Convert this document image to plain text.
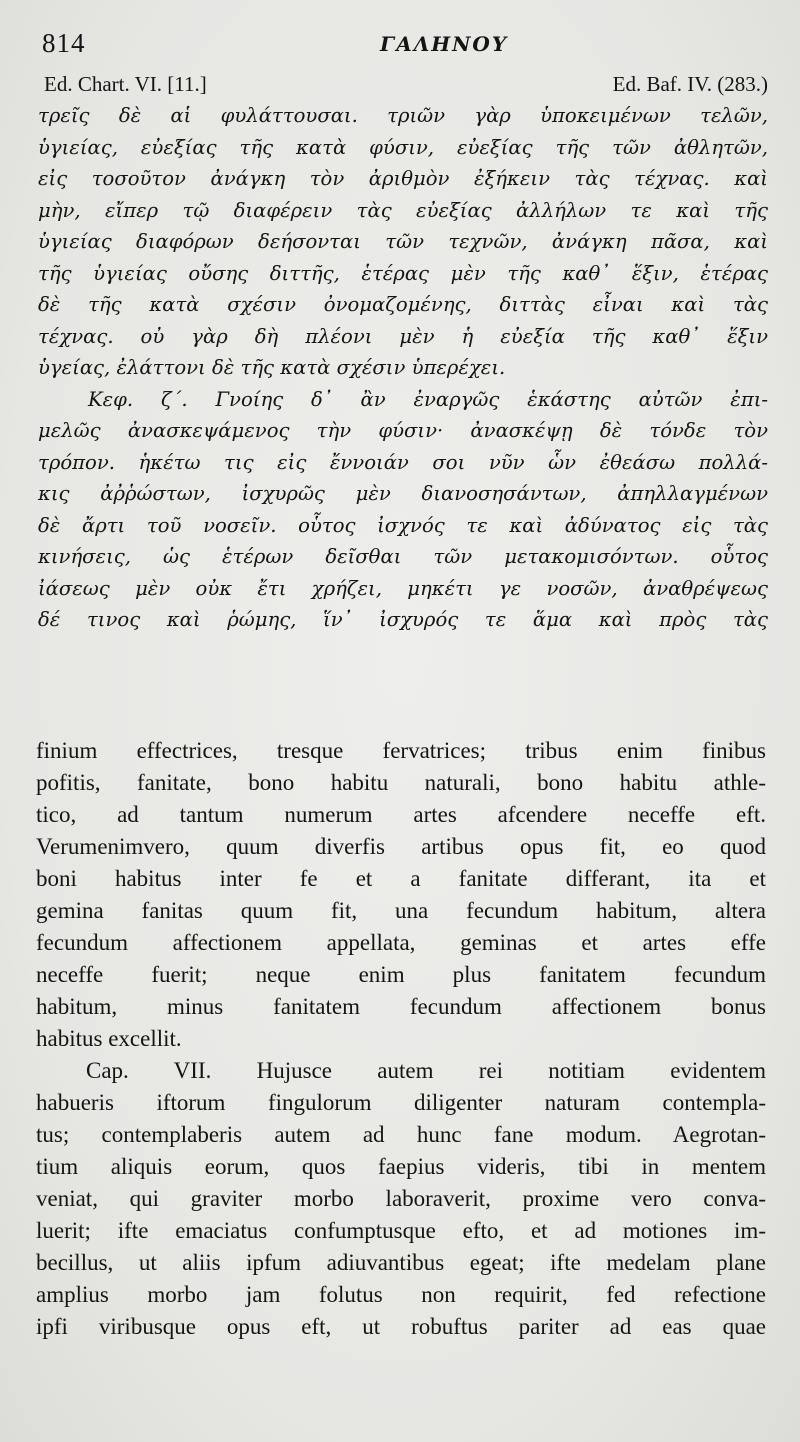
814	ΓΑΛΗΝΟΥ
Ed. Chart. VI. [11.]	Ed. Baf. IV. (283.)
τρεῖς δὲ αἱ φυλάττουσαι. τριῶν γὰρ ὑποκειμένων τελῶν,
ὑγιείας, εὐεξίας τῆς κατὰ φύσιν, εὐεξίας τῆς τῶν ἀθλητῶν,
εἰς τοσοῦτον ἀνάγκη τὸν ἀριθμὸν ἐξήκειν τὰς τέχνας. καὶ
μὴν, εἴπερ τῷ διαφέρειν τὰς εὐεξίας ἀλλήλων τε καὶ τῆς
ὑγιείας διαφόρων δεήσονται τῶν τεχνῶν, ἀνάγκη πᾶσα, καὶ
τῆς ὑγιείας οὔσης διττῆς, ἑτέρας μὲν τῆς καθ᾿ ἕξιν, ἑτέρας
δὲ τῆς κατὰ σχέσιν ὀνομαζομένης, διττὰς εἶναι καὶ τὰς
τέχνας. οὐ γὰρ δὴ πλέονι μὲν ἡ εὐεξία τῆς καθ᾿ ἕξιν
ὑγείας, ἐλάττονι δὲ τῆς κατὰ σχέσιν ὑπερέχει.
Κεφ. ζ΄. Γνοίης δ᾿ ἂν ἐναργῶς ἑκάστης αὐτῶν ἐπι-
μελῶς ἀνασκεψάμενος τὴν φύσιν· ἀνασκέψῃ δὲ τόνδε τὸν
τρόπον. ἡκέτω τις εἰς ἔννοιάν σοι νῦν ὧν ἐθεάσω πολλά-
κις ἀῤῥώστων, ἰσχυρῶς μὲν διανοσησάντων, ἀπηλλαγμένων
δὲ ἄρτι τοῦ νοσεῖν. οὗτος ἰσχνός τε καὶ ἀδύνατος εἰς τὰς
κινήσεις, ὡς ἑτέρων δεῖσθαι τῶν μετακομισόντων. οὗτος
ἰάσεως μὲν οὐκ ἔτι χρήζει, μηκέτι γε νοσῶν, ἀναθρέψεως
δέ τινος καὶ ῥώμης, ἵν᾿ ἰσχυρός τε ἅμα καὶ πρὸς τὰς
finium effectrices, tresque fervatrices; tribus enim finibus
pofitis, fanitate, bono habitu naturali, bono habitu athle-
tico, ad tantum numerum artes afcendere neceffe eft.
Verumenimvero, quum diverfis artibus opus fit, eo quod
boni habitus inter fe et a fanitate differant, ita et
gemina fanitas quum fit, una fecundum habitum, altera
fecundum affectionem appellata, geminas et artes effe
neceffe fuerit; neque enim plus fanitatem fecundum
habitum, minus fanitatem fecundum affectionem bonus
habitus excellit.
Cap. VII. Hujusce autem rei notitiam evidentem
habueris iftorum fingulorum diligenter naturam contempla-
tus; contemplaberis autem ad hunc fane modum. Aegrotan-
tium aliquis eorum, quos faepius videris, tibi in mentem
veniat, qui graviter morbo laboraverit, proxime vero conva-
luerit; ifte emaciatus confumptusque efto, et ad motiones im-
becillus, ut aliis ipfum adiuvantibus egeat; ifte medelam plane
amplius morbo jam folutus non requirit, fed refectione
ipfi viribusque opus eft, ut robuftus pariter ad eas quae
